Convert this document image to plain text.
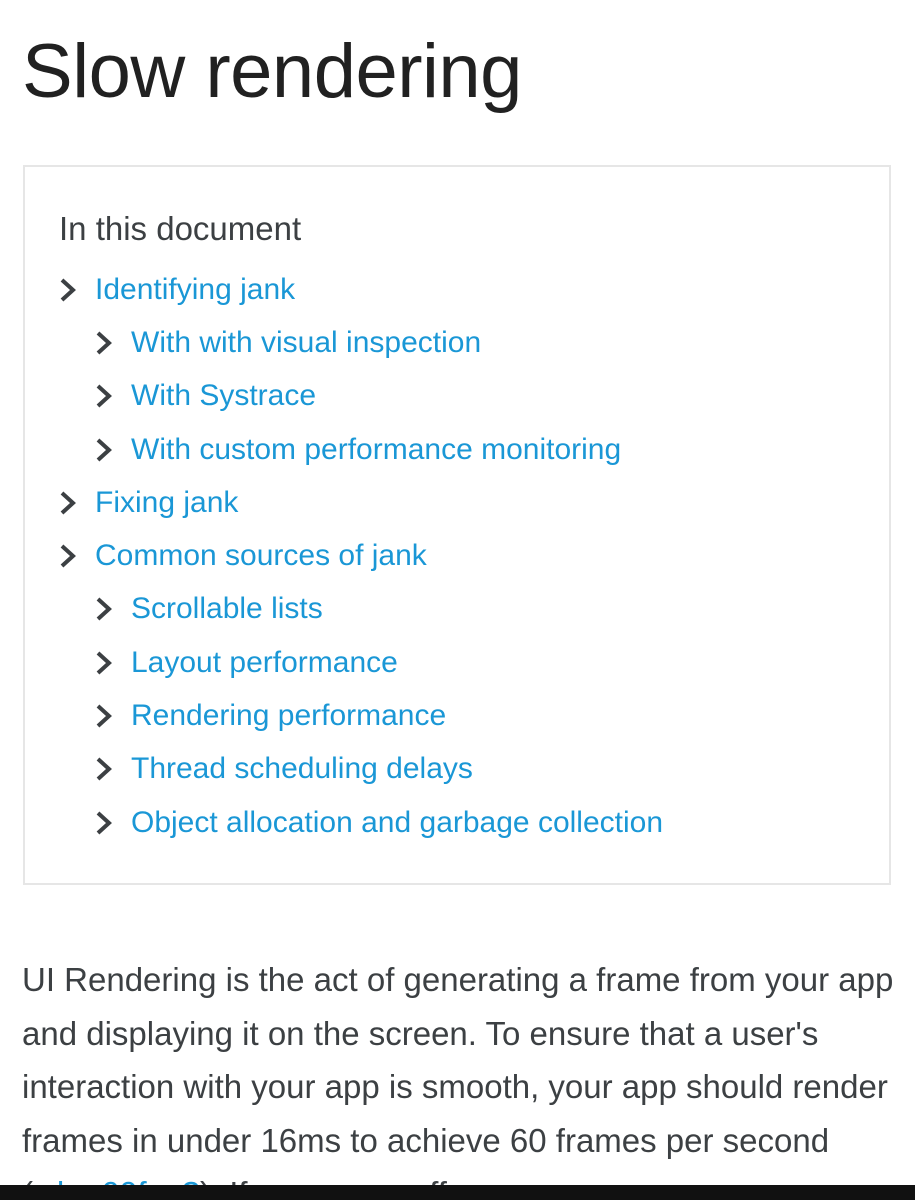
Slow rendering
In this document
Identifying jank
With with visual inspection
With Systrace
With custom performance monitoring
Fixing jank
Common sources of jank
Scrollable lists
Layout performance
Rendering performance
Thread scheduling delays
Object allocation and garbage collection

UI Rendering is the act of generating a frame from your app and displaying it on the screen. To ensure that a user's interaction with your app is smooth, your app should render frames in under 16ms to achieve 60 frames per second
